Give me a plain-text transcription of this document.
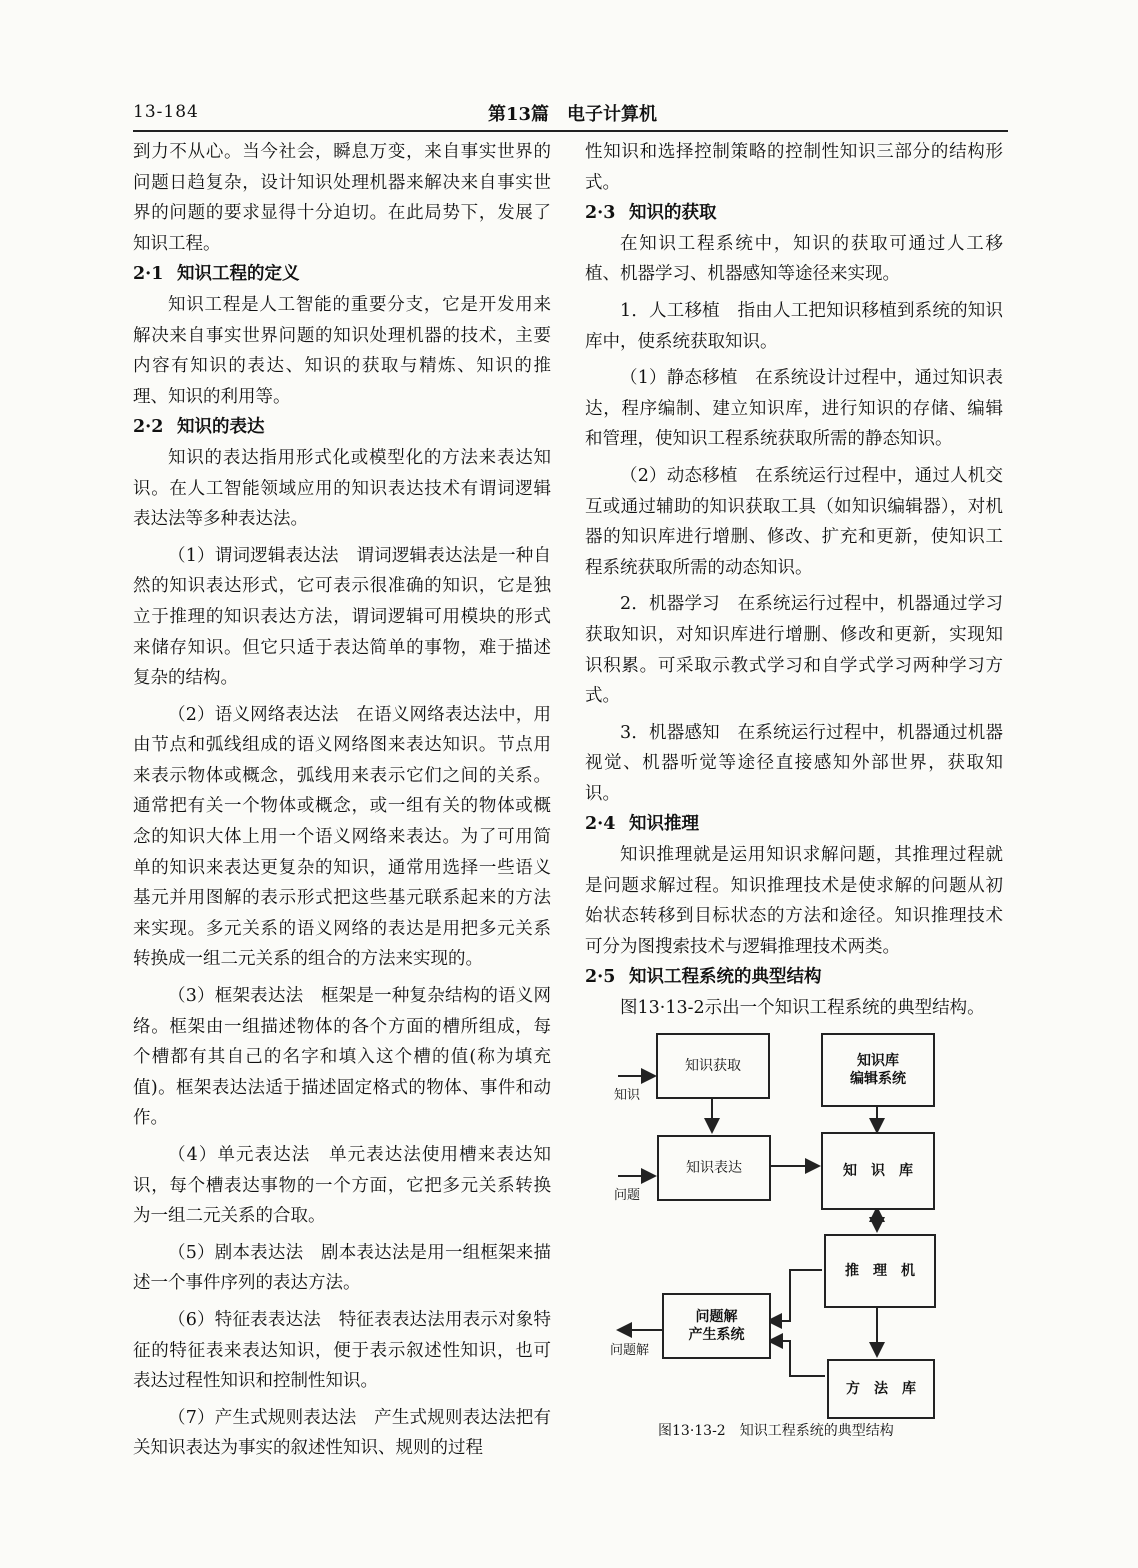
13-184	第13篇　电子计算机

到力不从心。当今社会，瞬息万变，来自事实世界的问题日趋复杂，设计知识处理机器来解决来自事实世界的问题的要求显得十分迫切。在此局势下，发展了知识工程。

2·1 知识工程的定义

知识工程是人工智能的重要分支，它是开发用来解决来自事实世界问题的知识处理机器的技术，主要内容有知识的表达、知识的获取与精炼、知识的推理、知识的利用等。

2·2 知识的表达

知识的表达指用形式化或模型化的方法来表达知识。在人工智能领域应用的知识表达技术有谓词逻辑表达法等多种表达法。

（1）谓词逻辑表达法　谓词逻辑表达法是一种自然的知识表达形式，它可表示很准确的知识，它是独立于推理的知识表达方法，谓词逻辑可用模块的形式来储存知识。但它只适于表达简单的事物，难于描述复杂的结构。

（2）语义网络表达法　在语义网络表达法中，用由节点和弧线组成的语义网络图来表达知识。节点用来表示物体或概念，弧线用来表示它们之间的关系。通常把有关一个物体或概念，或一组有关的物体或概念的知识大体上用一个语义网络来表达。为了可用简单的知识来表达更复杂的知识，通常用选择一些语义基元并用图解的表示形式把这些基元联系起来的方法来实现。多元关系的语义网络的表达是用把多元关系转换成一组二元关系的组合的方法来实现的。

（3）框架表达法　框架是一种复杂结构的语义网络。框架由一组描述物体的各个方面的槽所组成，每个槽都有其自己的名字和填入这个槽的值(称为填充值)。框架表达法适于描述固定格式的物体、事件和动作。

（4）单元表达法　单元表达法使用槽来表达知识，每个槽表达事物的一个方面，它把多元关系转换为一组二元关系的合取。

（5）剧本表达法　剧本表达法是用一组框架来描述一个事件序列的表达方法。

（6）特征表表达法　特征表表达法用表示对象特征的特征表来表达知识，便于表示叙述性知识，也可表达过程性知识和控制性知识。

（7）产生式规则表达法　产生式规则表达法把有关知识表达为事实的叙述性知识、规则的过程

性知识和选择控制策略的控制性知识三部分的结构形式。

2·3 知识的获取

在知识工程系统中，知识的获取可通过人工移植、机器学习、机器感知等途径来实现。

1．人工移植　指由人工把知识移植到系统的知识库中，使系统获取知识。

（1）静态移植　在系统设计过程中，通过知识表达，程序编制、建立知识库，进行知识的存储、编辑和管理，使知识工程系统获取所需的静态知识。

（2）动态移植　在系统运行过程中，通过人机交互或通过辅助的知识获取工具（如知识编辑器），对机器的知识库进行增删、修改、扩充和更新，使知识工程系统获取所需的动态知识。

2．机器学习　在系统运行过程中，机器通过学习获取知识，对知识库进行增删、修改和更新，实现知识积累。可采取示教式学习和自学式学习两种学习方式。

3．机器感知　在系统运行过程中，机器通过机器视觉、机器听觉等途径直接感知外部世界，获取知识。

2·4 知识推理

知识推理就是运用知识求解问题，其推理过程就是问题求解过程。知识推理技术是使求解的问题从初始状态转移到目标状态的方法和途径。知识推理技术可分为图搜索技术与逻辑推理技术两类。

2·5 知识工程系统的典型结构

图13·13-2示出一个知识工程系统的典型结构。

知识获取	知识库
编辑系统
知识表达	知　识　库
推　理　机
问题解
产生系统
方　法　库
知识
问题
问题解
图13·13-2　知识工程系统的典型结构
